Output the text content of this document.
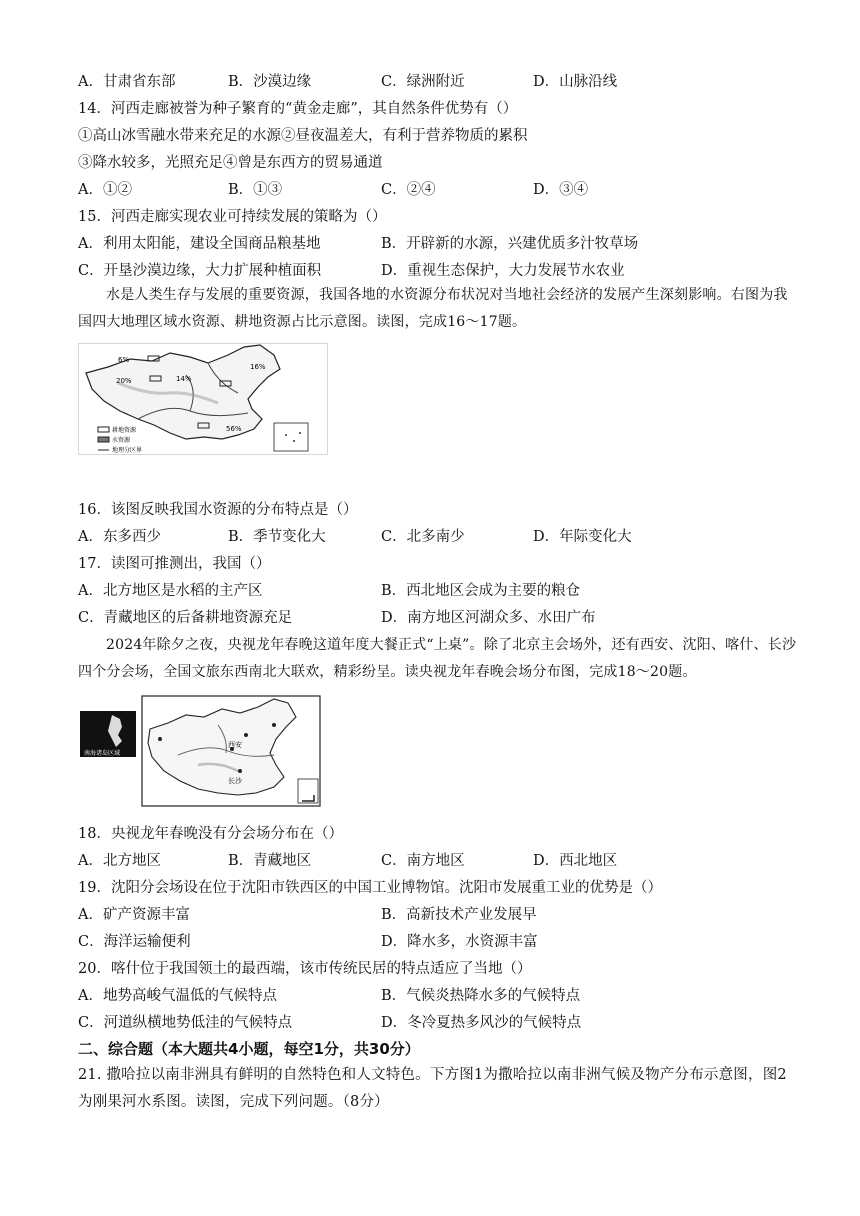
A．甘肃省东部	B．沙漠边缘	C．绿洲附近	D．山脉沿线
14．河西走廊被誉为种子繁育的“黄金走廊”，其自然条件优势有（）
①高山冰雪融水带来充足的水源②昼夜温差大，有利于营养物质的累积
③降水较多，光照充足④曾是东西方的贸易通道
A．①②	B．①③	C．②④	D．③④
15．河西走廊实现农业可持续发展的策略为（）
A．利用太阳能，建设全国商品粮基地	B．开辟新的水源，兴建优质多汁牧草场
C．开垦沙漠边缘，大力扩展种植面积	D．重视生态保护，大力发展节水农业
水是人类生存与发展的重要资源，我国各地的水资源分布状况对当地社会经济的发展产生深刻影响。右图为我国四大地理区域水资源、耕地资源占比示意图。读图，完成16～17题。
16%
6%
20%	14%
56%
耕地资源
水资源
地理分区界
16．该图反映我国水资源的分布特点是（）
A．东多西少	B．季节变化大	C．北多南少	D．年际变化大
17．读图可推测出，我国（）
A．北方地区是水稻的主产区	B．西北地区会成为主要的粮仓
C．青藏地区的后备耕地资源充足	D．南方地区河湖众多、水田广布
2024年除夕之夜，央视龙年春晚这道年度大餐正式“上桌”。除了北京主会场外，还有西安、沈阳、喀什、长沙四个分会场，全国文旅东西南北大联欢，精彩纷呈。读央视龙年春晚会场分布图，完成18～20题。
南海诸岛区域
西安
长沙
18．央视龙年春晚没有分会场分布在（）
A．北方地区	B．青藏地区	C．南方地区	D．西北地区
19．沈阳分会场设在位于沈阳市铁西区的中国工业博物馆。沈阳市发展重工业的优势是（）
A．矿产资源丰富	B．高新技术产业发展早
C．海洋运输便利	D．降水多，水资源丰富
20．喀什位于我国领土的最西端，该市传统民居的特点适应了当地（）
A．地势高峻气温低的气候特点	B．气候炎热降水多的气候特点
C．河道纵横地势低洼的气候特点	D．冬冷夏热多风沙的气候特点
二、综合题（本大题共4小题，每空1分，共30分）
21. 撒哈拉以南非洲具有鲜明的自然特色和人文特色。下方图1为撒哈拉以南非洲气候及物产分布示意图，图2为刚果河水系图。读图，完成下列问题。（8分）
